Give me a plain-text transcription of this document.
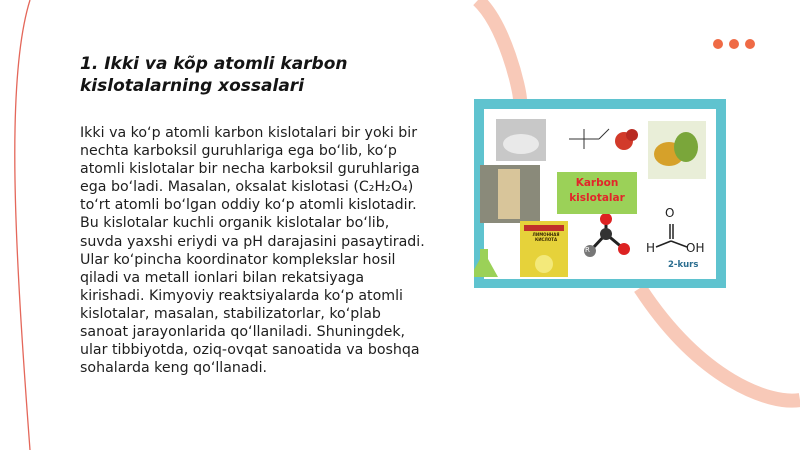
1. Ikki va kõp atomli karbon kislotalarning xossalari

Ikki va ko‘p atomli karbon kislotalari bir yoki bir nechta karboksil guruhlariga ega bo‘lib, ko‘p atomli kislotalar bir necha karboksil guruhlariga ega bo‘ladi. Masalan, oksalat kislotasi (C₂H₂O₄) to‘rt atomli bo‘lgan oddiy ko‘p atomli kislotadir. Bu kislotalar kuchli organik kislotalar bo‘lib, suvda yaxshi eriydi va pH darajasini pasaytiradi. Ular ko‘pincha koordinator komplekslar hosil qiladi va metall ionlari bilan rekatsiyaga kirishadi. Kimyoviy reaktsiyalarda ko‘p atomli kislotalar, masalan, stabilizatorlar, ko‘plab sanoat jarayonlarida qo‘llaniladi. Shuningdek, ular tibbiyotda, oziq-ovqat sanoatida va boshqa sohalarda keng qo‘llanadi.

O
H	OH
R
Karbon
kislotalar
ЛИМОННАЯ
КИСЛОТА
2-kurs
